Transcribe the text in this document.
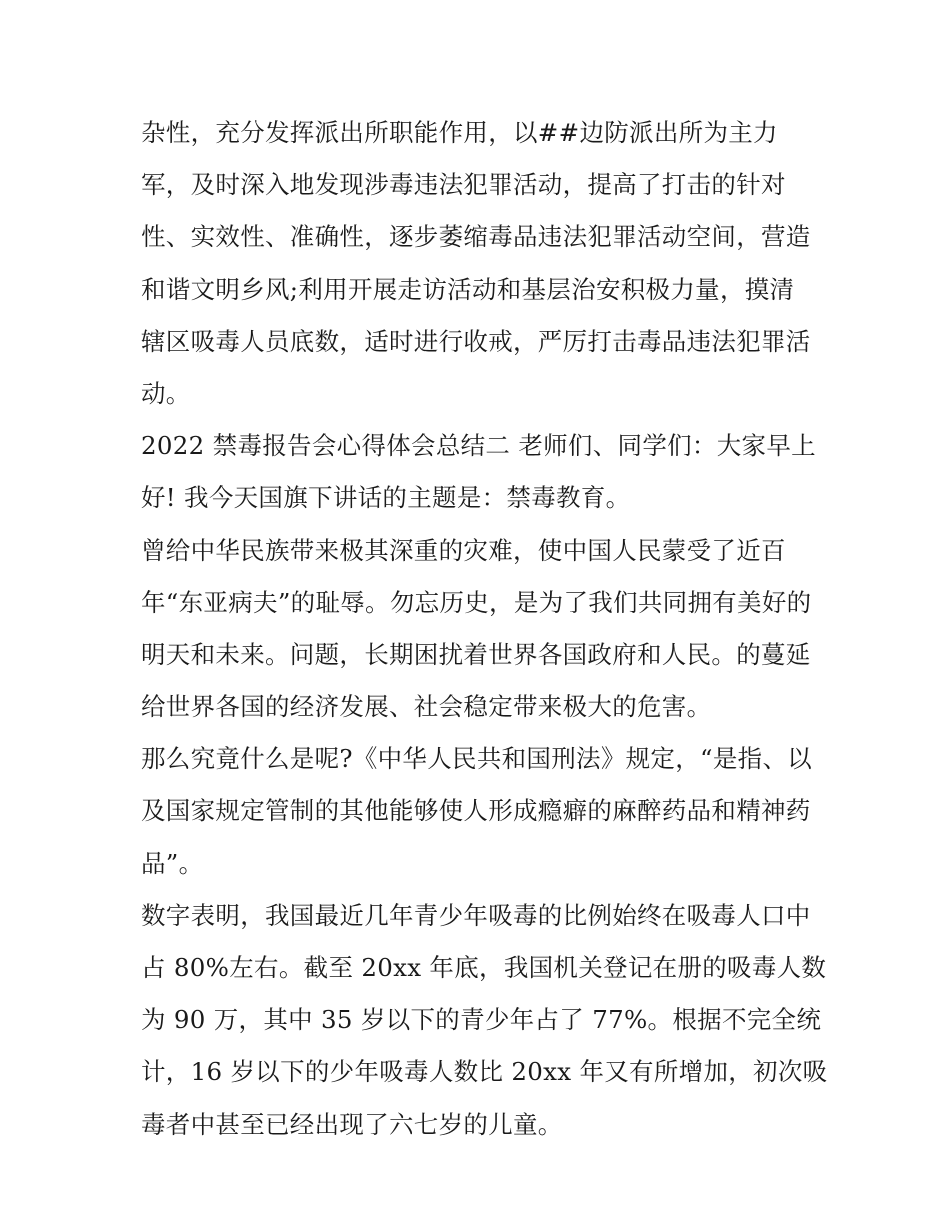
杂性，充分发挥派出所职能作用，以##边防派出所为主力
军，及时深入地发现涉毒违法犯罪活动，提高了打击的针对
性、实效性、准确性，逐步萎缩毒品违法犯罪活动空间，营造
和谐文明乡风;利用开展走访活动和基层治安积极力量，摸清
辖区吸毒人员底数，适时进行收戒，严厉打击毒品违法犯罪活
动。
2022 禁毒报告会心得体会总结二 老师们、同学们：大家早上
好! 我今天国旗下讲话的主题是：禁毒教育。
曾给中华民族带来极其深重的灾难，使中国人民蒙受了近百
年“东亚病夫”的耻辱。勿忘历史，是为了我们共同拥有美好的
明天和未来。问题，长期困扰着世界各国政府和人民。的蔓延
给世界各国的经济发展、社会稳定带来极大的危害。
那么究竟什么是呢?《中华人民共和国刑法》规定，“是指、以
及国家规定管制的其他能够使人形成瘾癖的麻醉药品和精神药
品”。
数字表明，我国最近几年青少年吸毒的比例始终在吸毒人口中
占 80%左右。截至 20xx 年底，我国机关登记在册的吸毒人数
为 90 万，其中 35 岁以下的青少年占了 77%。根据不完全统
计，16 岁以下的少年吸毒人数比 20xx 年又有所增加，初次吸
毒者中甚至已经出现了六七岁的儿童。
